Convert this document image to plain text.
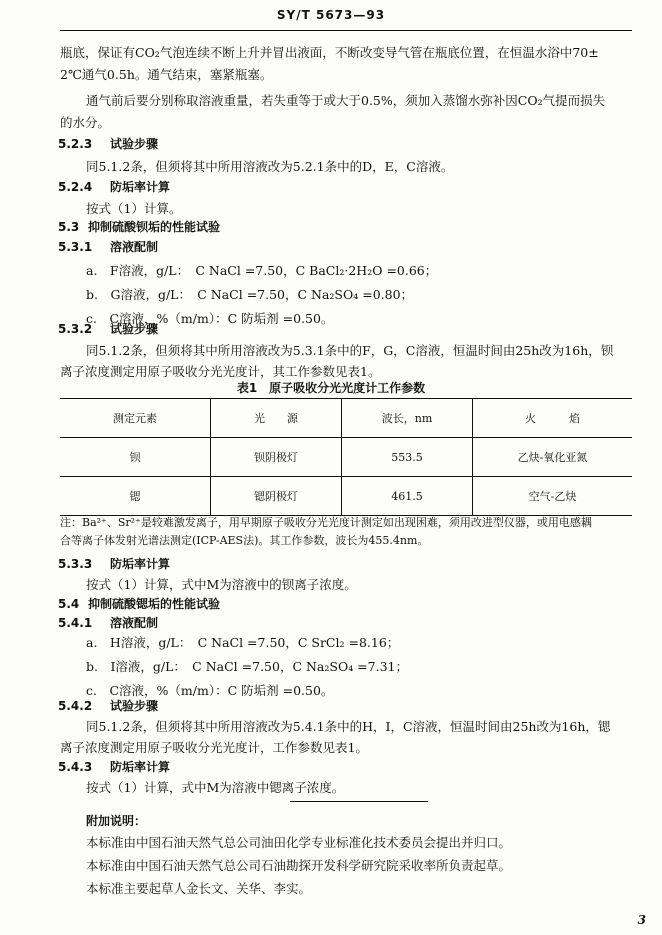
SY/T 5673—93
瓶底，保证有CO₂气泡连续不断上升并冒出液面，不断改变导气管在瓶底位置，在恒温水浴中70±
2℃通气0.5h。通气结束，塞紧瓶塞。
通气前后要分别称取溶液重量，若失重等于或大于0.5%，须加入蒸馏水弥补因CO₂气提而损失
的水分。
5.2.3 试验步骤
同5.1.2条，但须将其中所用溶液改为5.2.1条中的D，E，C溶液。
5.2.4 防垢率计算
按式（1）计算。
5.3 抑制硫酸钡垢的性能试验
5.3.1 溶液配制
a.　F溶液，g/L：　C NaCl =7.50，C BaCl₂·2H₂O =0.66；
b.　G溶液，g/L：　C NaCl =7.50，C Na₂SO₄ =0.80；
c.　C溶液，%（m/m）：C 防垢剂 =0.50。
5.3.2 试验步骤
同5.1.2条，但须将其中所用溶液改为5.3.1条中的F，G，C溶液，恒温时间由25h改为16h，钡
离子浓度测定用原子吸收分光光度计，其工作参数见表1。
表1　原子吸收分光光度计工作参数
测定元素	光　　源	波长，nm	火　　　焰
钡	钡阴极灯	553.5	乙炔-氧化亚氮
锶	锶阴极灯	461.5	空气-乙炔
注：Ba²⁺、Sr²⁺是较难激发离子，用早期原子吸收分光光度计测定如出现困难，须用改进型仪器，或用电感耦
合等离子体发射光谱法测定(ICP-AES法)。其工作参数，波长为455.4nm。
5.3.3 防垢率计算
按式（1）计算，式中M为溶液中的钡离子浓度。
5.4 抑制硫酸锶垢的性能试验
5.4.1 溶液配制
a.　H溶液，g/L：　C NaCl =7.50，C SrCl₂ =8.16；
b.　I溶液，g/L：　C NaCl =7.50，C Na₂SO₄ =7.31；
c.　C溶液，%（m/m）：C 防垢剂 =0.50。
5.4.2 试验步骤
同5.1.2条，但须将其中所用溶液改为5.4.1条中的H，I，C溶液，恒温时间由25h改为16h，锶
离子浓度测定用原子吸收分光光度计，工作参数见表1。
5.4.3 防垢率计算
按式（1）计算，式中M为溶液中锶离子浓度。
附加说明：
本标准由中国石油天然气总公司油田化学专业标准化技术委员会提出并归口。
本标准由中国石油天然气总公司石油勘探开发科学研究院采收率所负责起草。
本标准主要起草人金长文、关华、李实。
3
